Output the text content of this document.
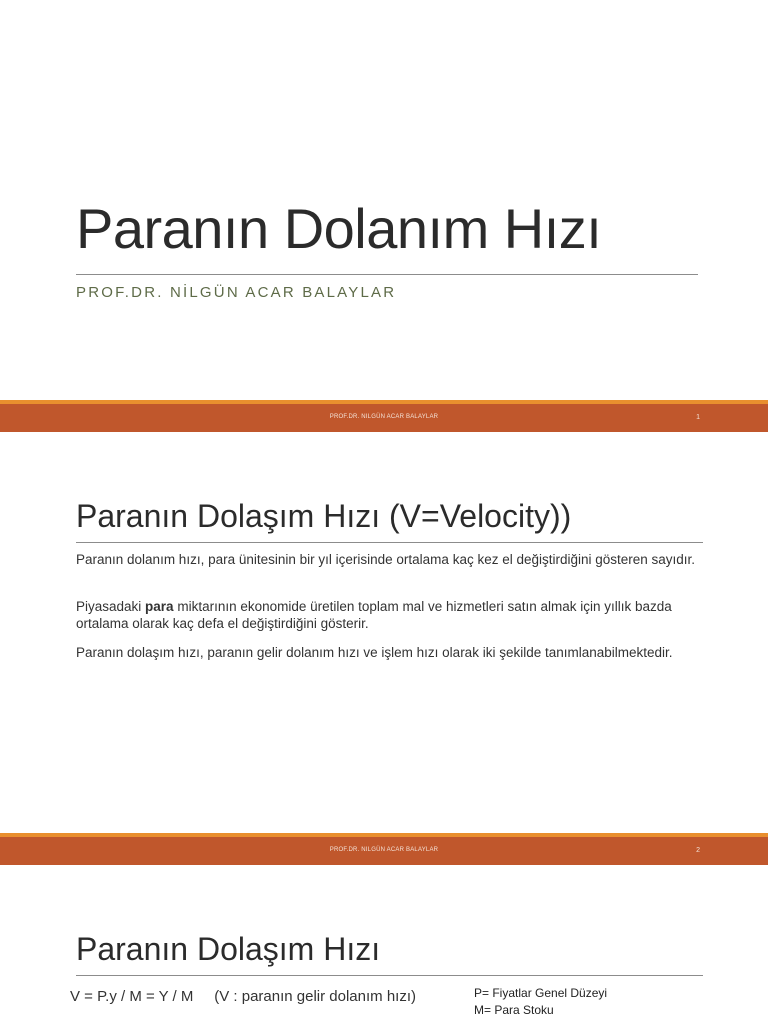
Paranın Dolanım Hızı
PROF.DR. NİLGÜN ACAR BALAYLAR
PROF.DR. NILGÜN ACAR BALAYLAR	1
Paranın Dolaşım Hızı (V=Velocity))
Paranın dolanım hızı, para ünitesinin bir yıl içerisinde ortalama kaç kez el değiştirdiğini gösteren sayıdır.
Piyasadaki para miktarının ekonomide üretilen toplam mal ve hizmetleri satın almak için yıllık bazda ortalama olarak kaç defa el değiştirdiğini gösterir.
Paranın dolaşım hızı, paranın gelir dolanım hızı ve işlem hızı olarak iki şekilde tanımlanabilmektedir.
PROF.DR. NILGÜN ACAR BALAYLAR	2
Paranın Dolaşım Hızı
V = P.y / M = Y / M     (V : paranın gelir dolanım hızı)	P= Fiyatlar Genel Düzeyi
M= Para Stoku
